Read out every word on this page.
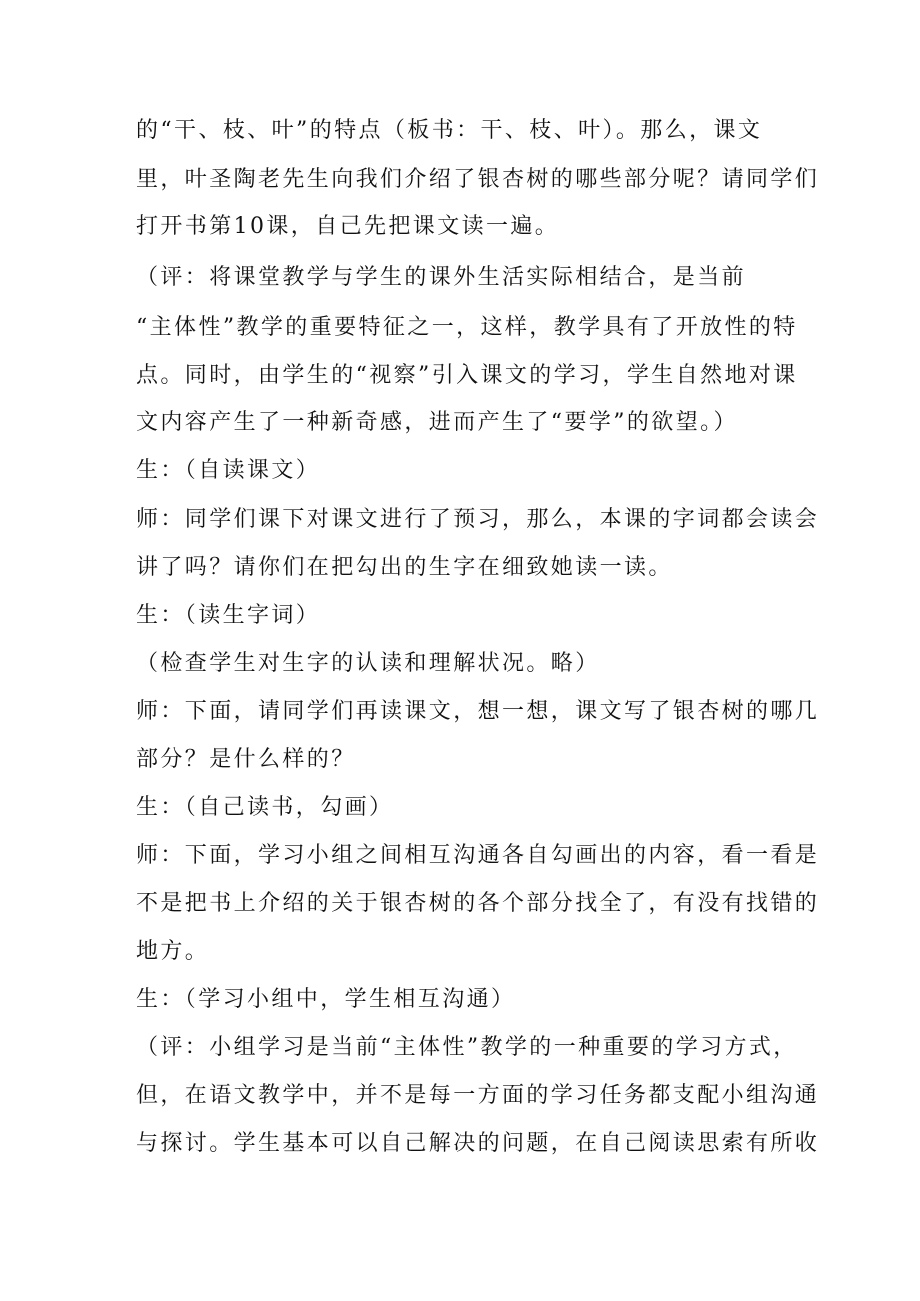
的“干、枝、叶”的特点（板书：干、枝、叶）。那么，课文
里，叶圣陶老先生向我们介绍了银杏树的哪些部分呢？请同学们
打开书第10课，自己先把课文读一遍。
（评：将课堂教学与学生的课外生活实际相结合，是当前
“主体性”教学的重要特征之一，这样，教学具有了开放性的特
点。同时，由学生的“视察”引入课文的学习，学生自然地对课
文内容产生了一种新奇感，进而产生了“要学”的欲望。）
生：（自读课文）
师：同学们课下对课文进行了预习，那么，本课的字词都会读会
讲了吗？请你们在把勾出的生字在细致她读一读。
生：（读生字词）
（检查学生对生字的认读和理解状况。略）
师：下面，请同学们再读课文，想一想，课文写了银杏树的哪几
部分？是什么样的？
生：（自己读书，勾画）
师：下面，学习小组之间相互沟通各自勾画出的内容，看一看是
不是把书上介绍的关于银杏树的各个部分找全了，有没有找错的
地方。
生：（学习小组中，学生相互沟通）
（评：小组学习是当前“主体性”教学的一种重要的学习方式，
但，在语文教学中，并不是每一方面的学习任务都支配小组沟通
与探讨。学生基本可以自己解决的问题，在自己阅读思索有所收
